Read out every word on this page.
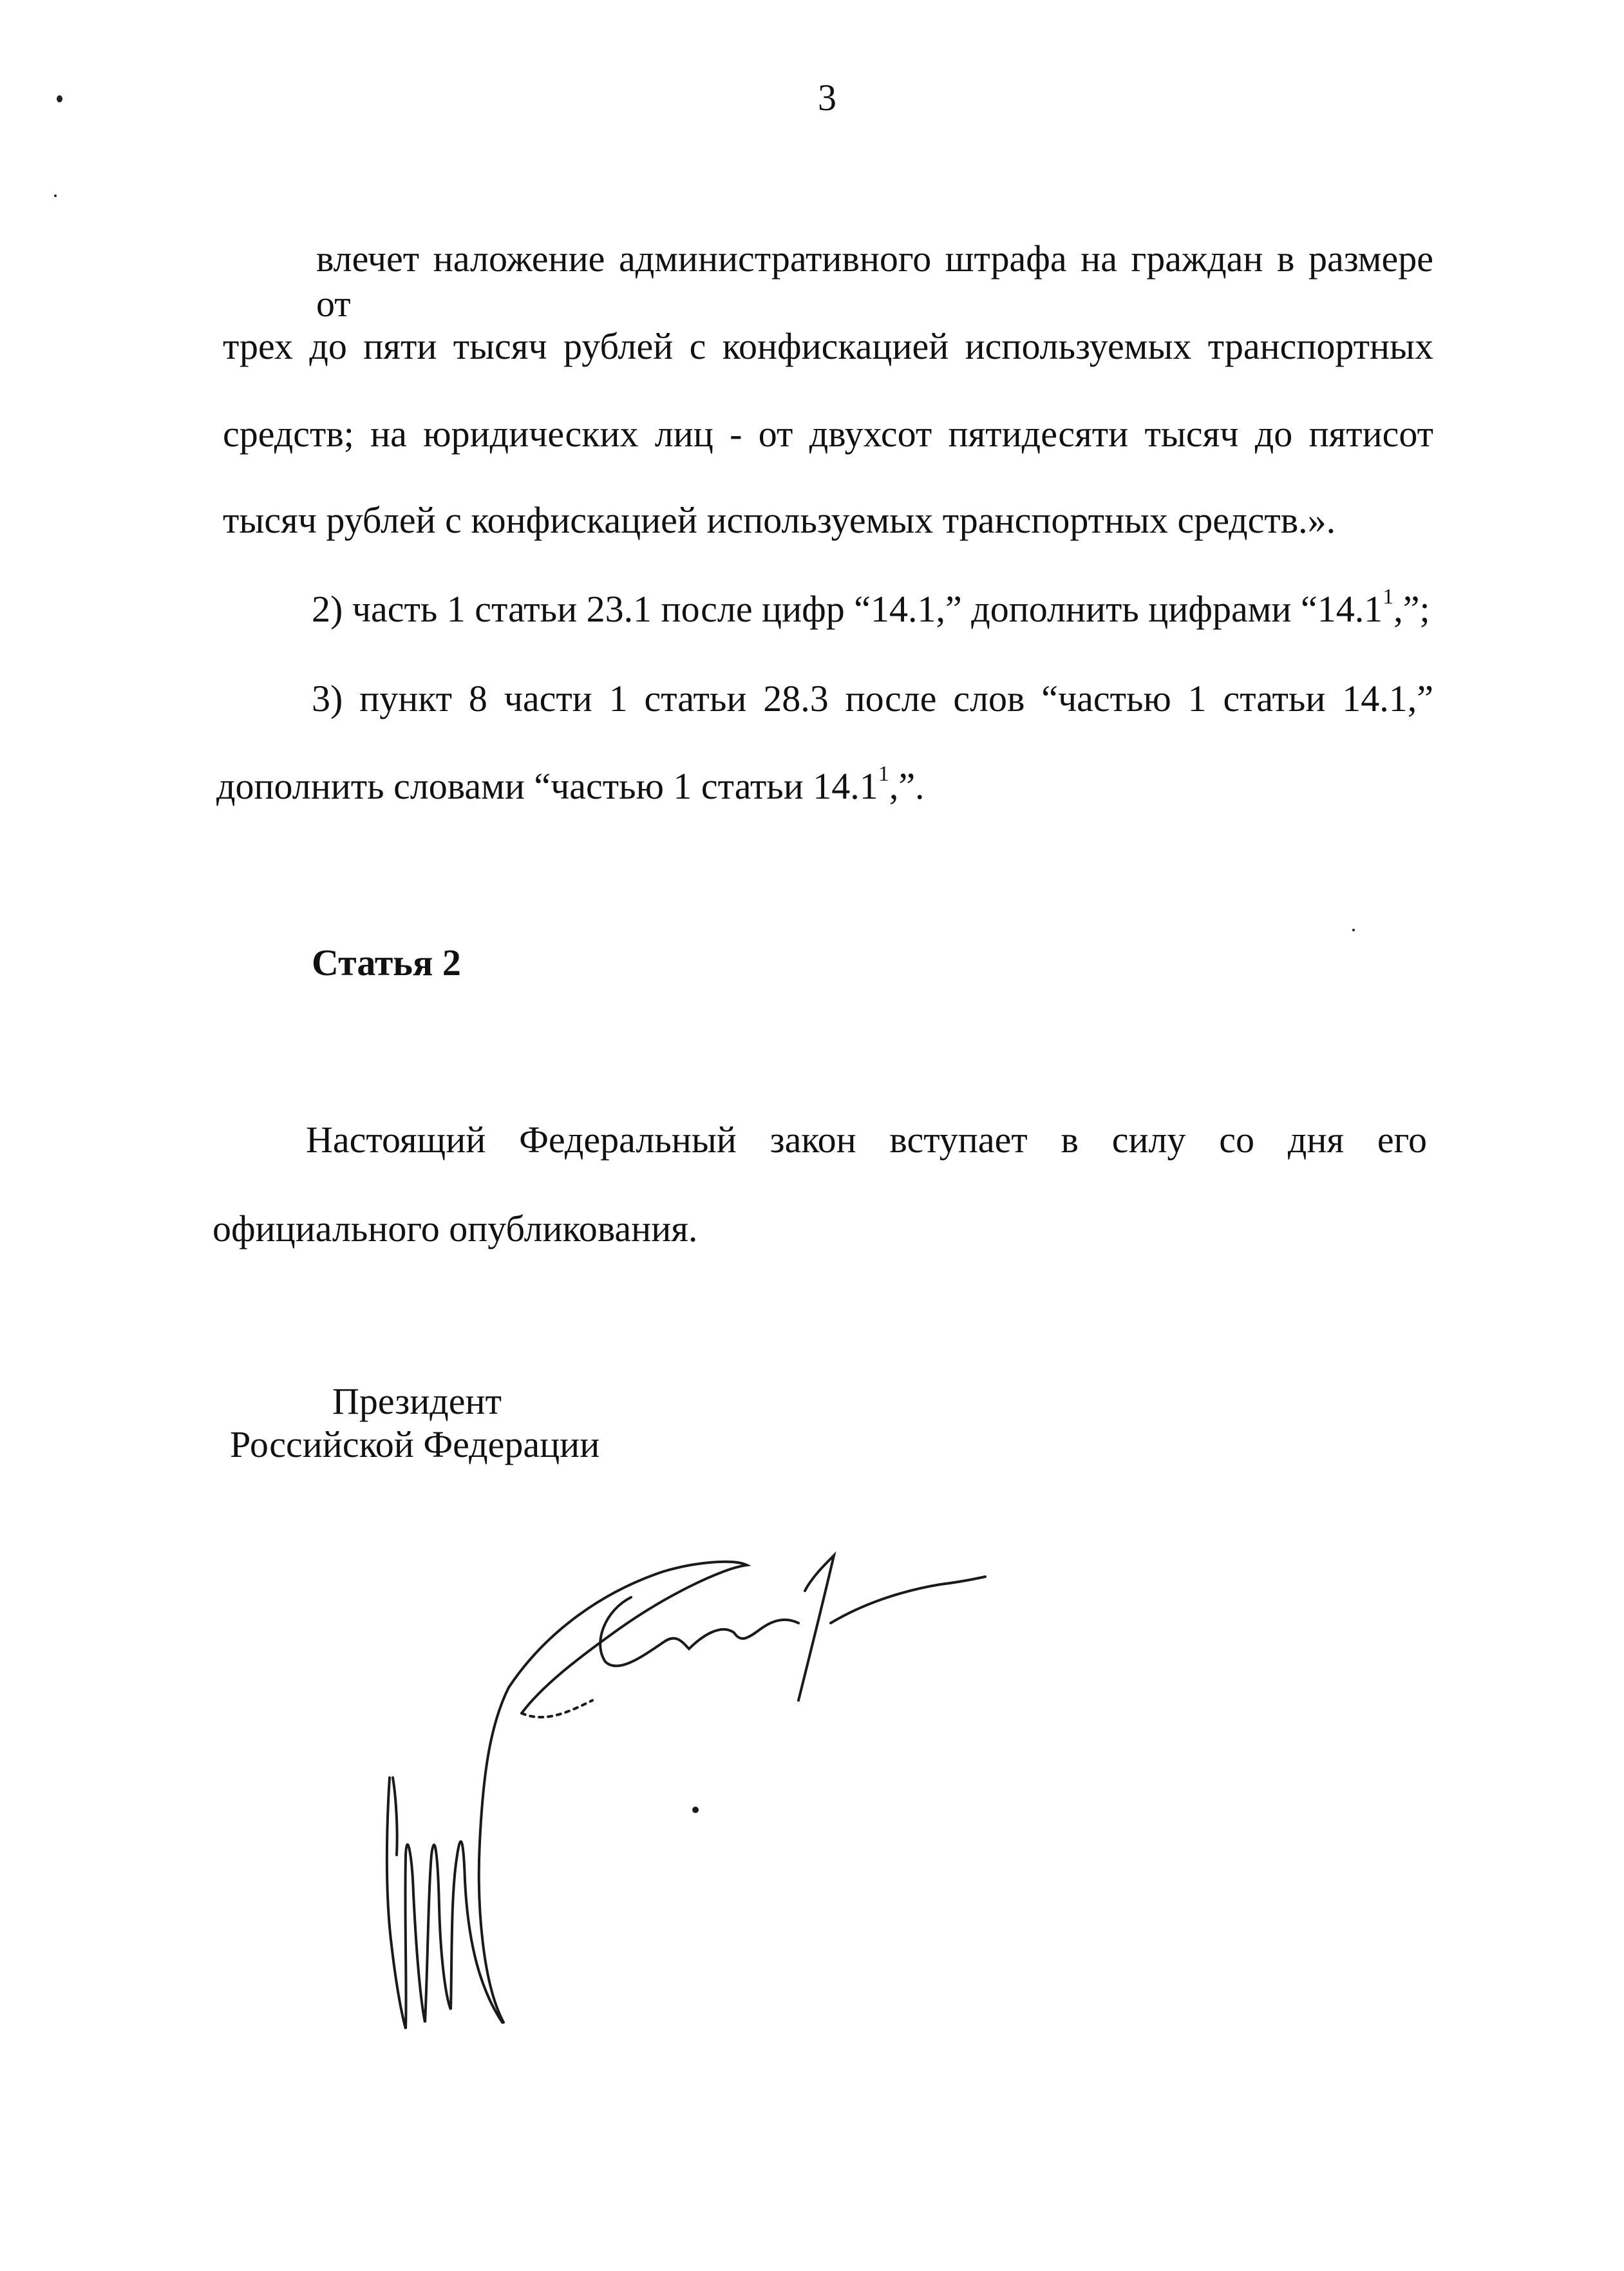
3
влечет наложение административного штрафа на граждан в размере от
трех до пяти тысяч рублей с конфискацией используемых транспортных
средств; на юридических лиц - от двухсот пятидесяти тысяч до пятисот
тысяч рублей с конфискацией используемых транспортных средств.».
2) часть 1 статьи 23.1 после цифр “14.1,” дополнить цифрами “14.1$^1$,”;
3) пункт 8 части 1 статьи 28.3 после слов “частью 1 статьи 14.1,”
дополнить словами “частью 1 статьи 14.1$^1$,”.
Статья 2
Настоящий Федеральный закон вступает в силу со дня его
официального опубликования.
Президент
Российской Федерации
